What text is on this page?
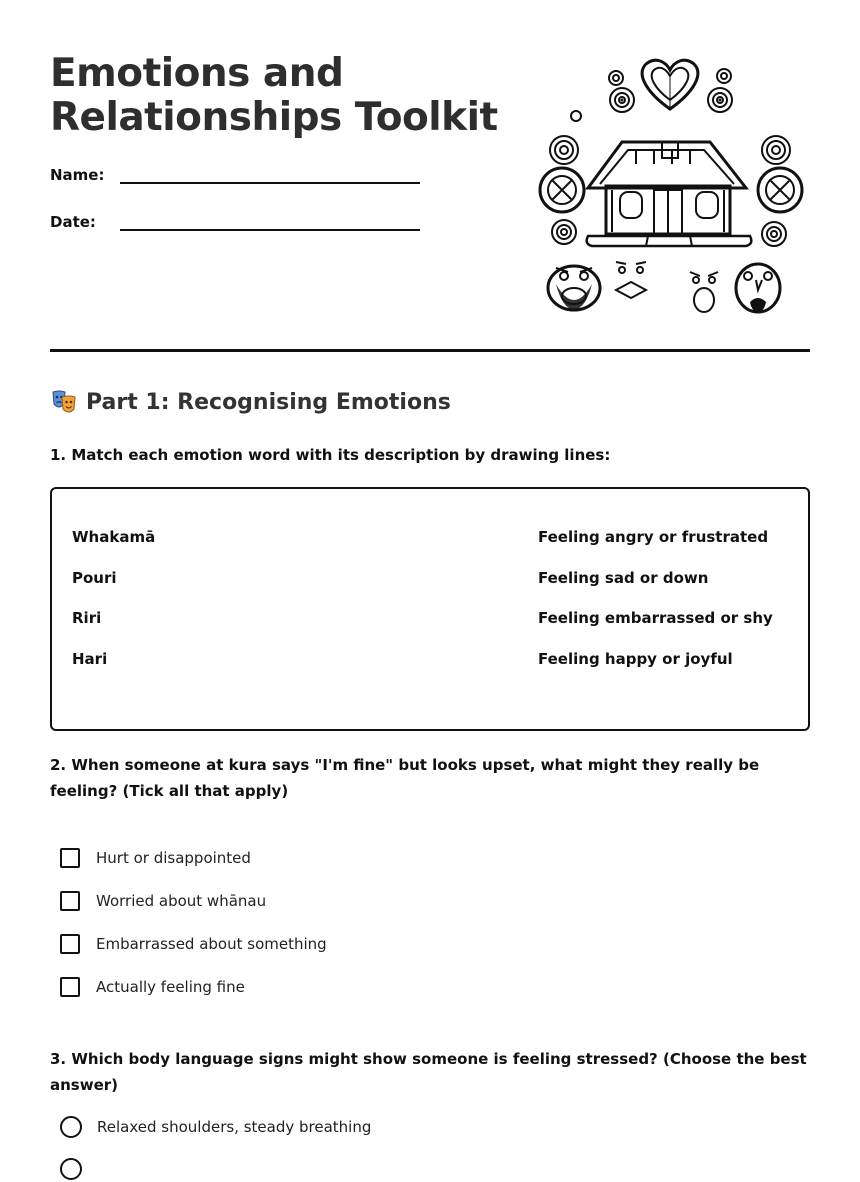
Emotions and
Relationships Toolkit
Name:
Date:
Part 1: Recognising Emotions

1. Match each emotion word with its description by drawing lines:

Whakamā	Feeling angry or frustrated
Pouri	Feeling sad or down
Riri	Feeling embarrassed or shy
Hari	Feeling happy or joyful

2. When someone at kura says "I'm fine" but looks upset, what might they really be feeling? (Tick all that apply)

Hurt or disappointed
Worried about whānau
Embarrassed about something
Actually feeling fine

3. Which body language signs might show someone is feeling stressed? (Choose the best answer)

Relaxed shoulders, steady breathing
